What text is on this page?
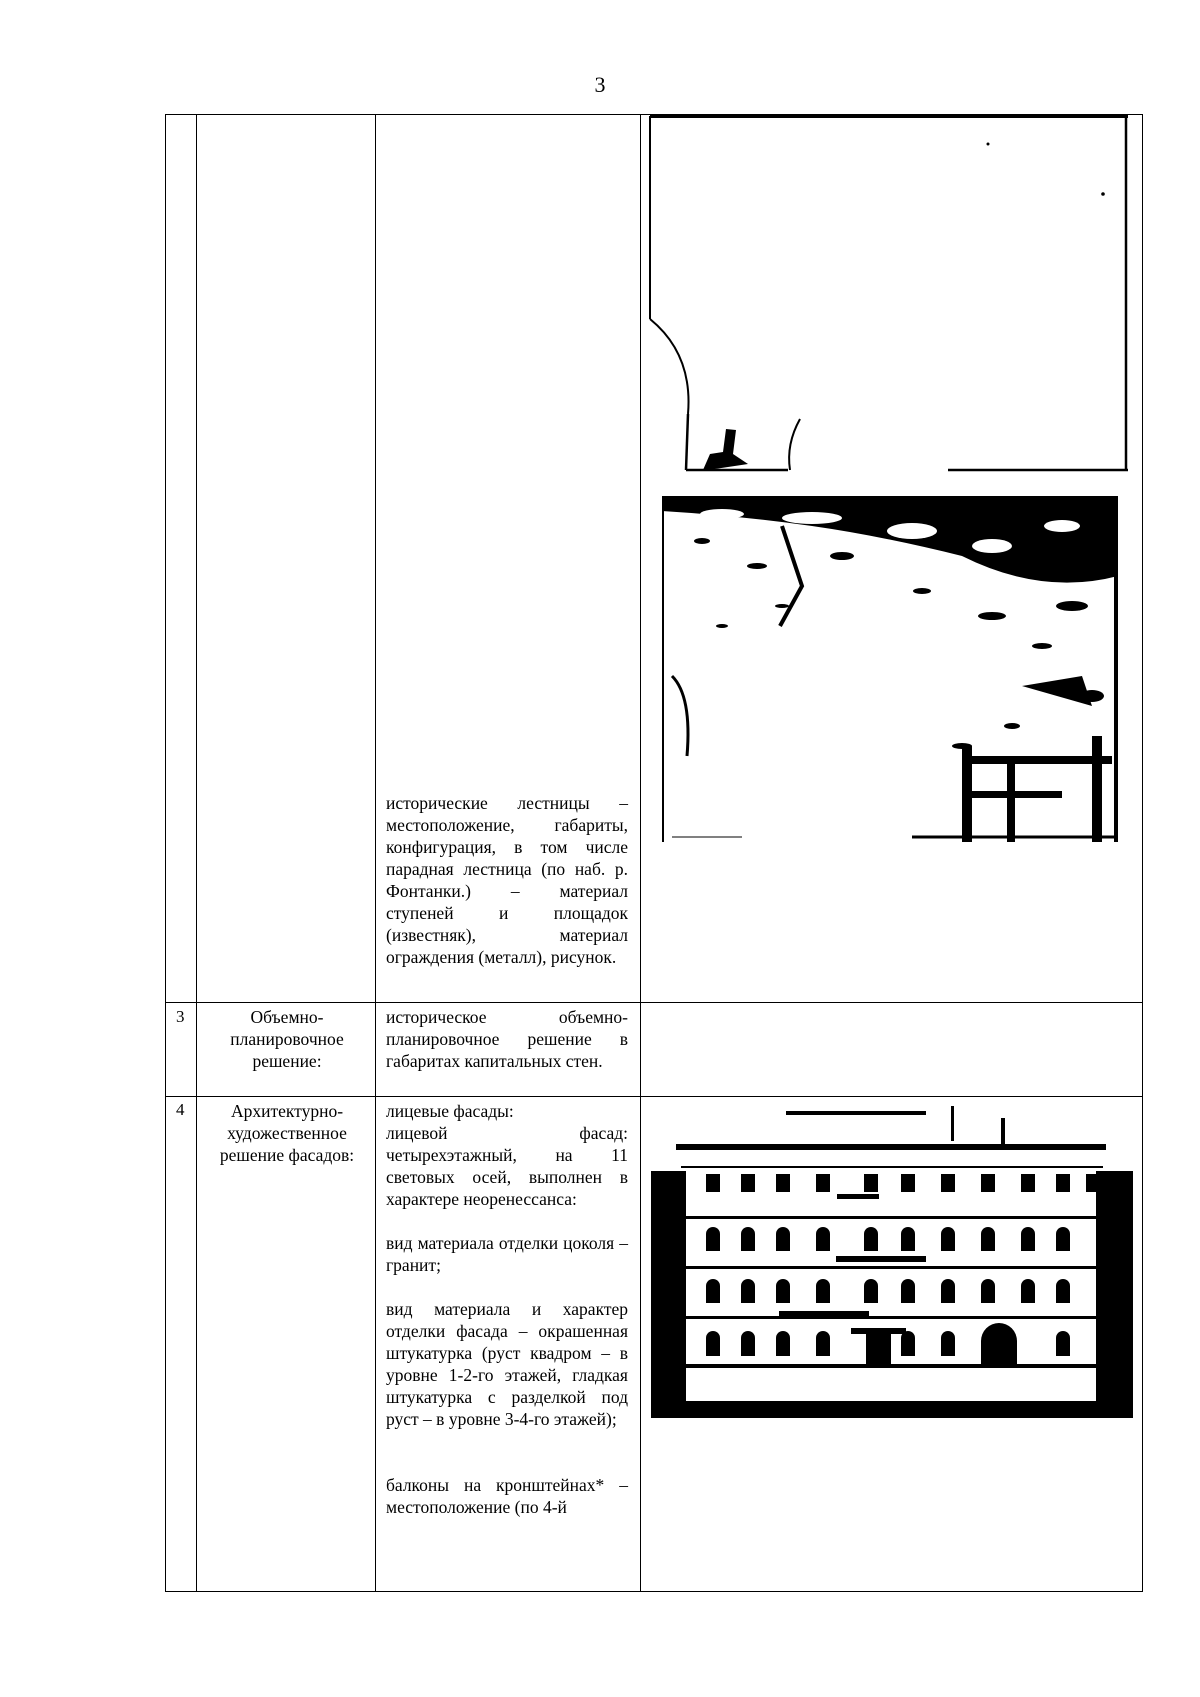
3
исторические лестницы – местоположение, габариты, конфигурация, в том числе парадная лестница (по наб. р. Фонтанки.) – материал ступеней и площадок (известняк), материал ограждения (металл), рисунок.
3	Объемно-планировочное решение:
историческое объемно-планировочное решение в габаритах капитальных стен.
4	Архитектурно-художественное решение фасадов:
лицевые фасады:
лицевой фасад: четырехэтажный, на 11 световых осей, выполнен в характере неоренессанса:
вид материала отделки цоколя – гранит;
вид материала и характер отделки фасада – окрашенная штукатурка (руст квадром – в уровне 1-2-го этажей, гладкая штукатурка с разделкой под руст – в уровне 3-4-го этажей);
балконы на кронштейнах* – местоположение (по 4-й
